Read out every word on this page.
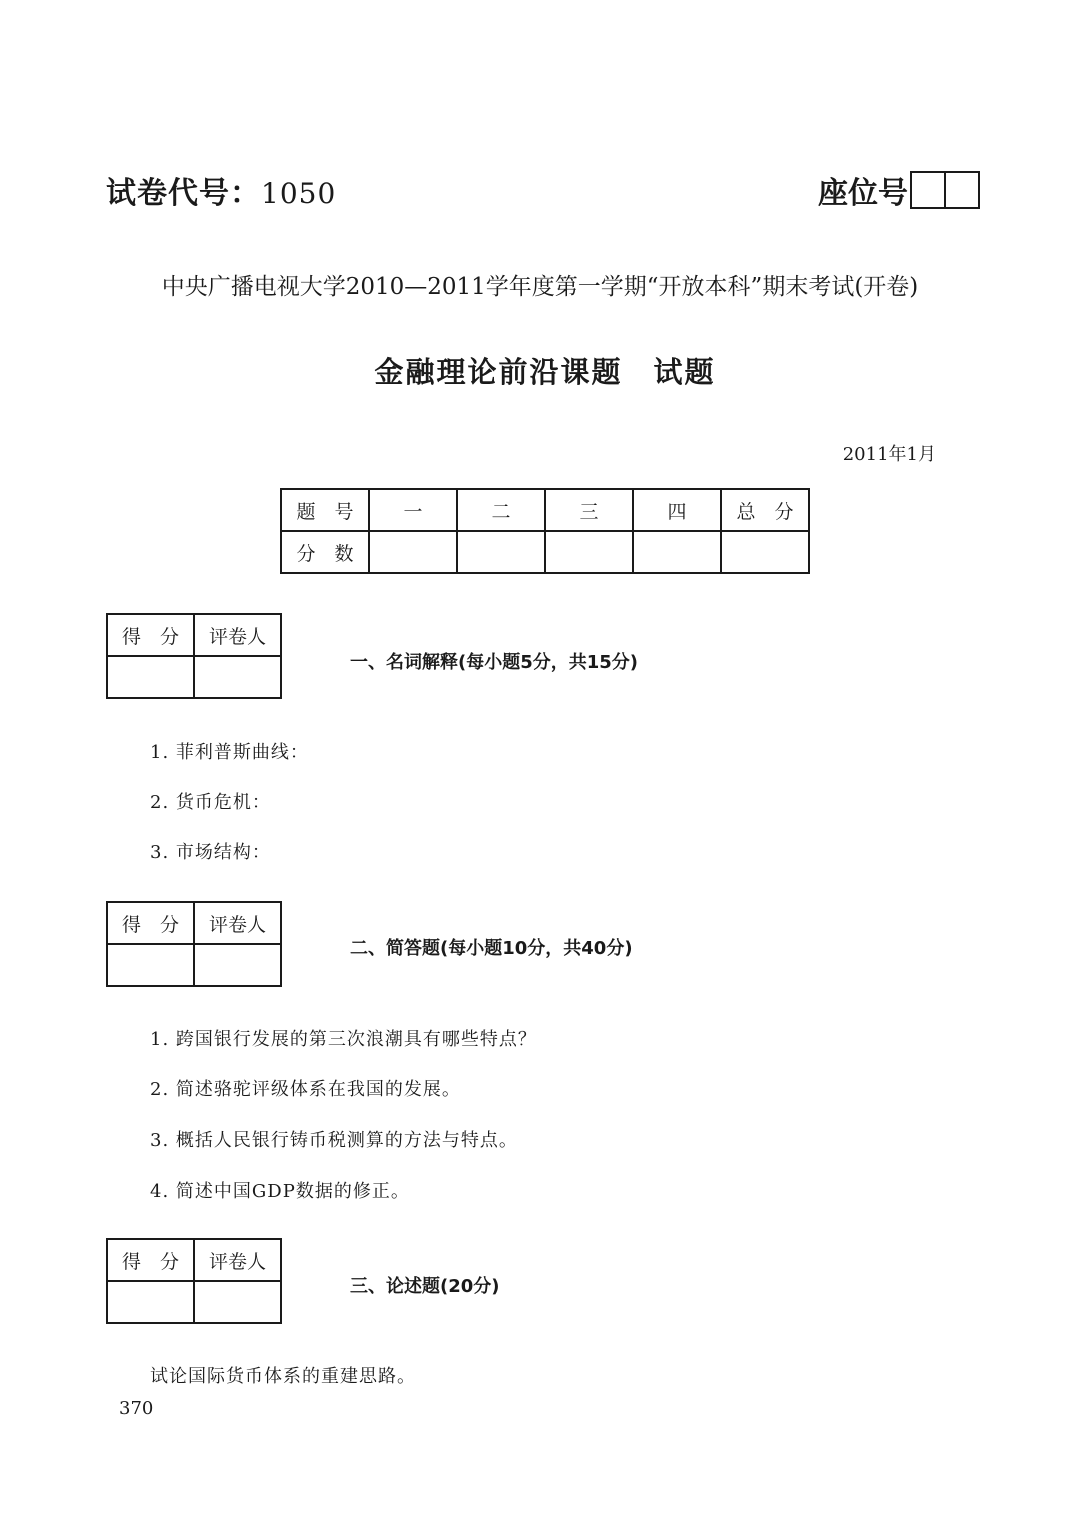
试卷代号：1050	座位号
中央广播电视大学2010—2011学年度第一学期“开放本科”期末考试(开卷)
金融理论前沿课题　试题
2011年1月
题　号	一	二	三	四	总　分
分　数					
得　分	评卷人

一、名词解释(每小题5分，共15分)
1. 菲利普斯曲线：
2. 货币危机：
3. 市场结构：
得　分	评卷人

二、简答题(每小题10分，共40分)
1. 跨国银行发展的第三次浪潮具有哪些特点？
2. 简述骆驼评级体系在我国的发展。
3. 概括人民银行铸币税测算的方法与特点。
4. 简述中国GDP数据的修正。
得　分	评卷人

三、论述题(20分)
试论国际货币体系的重建思路。
370
